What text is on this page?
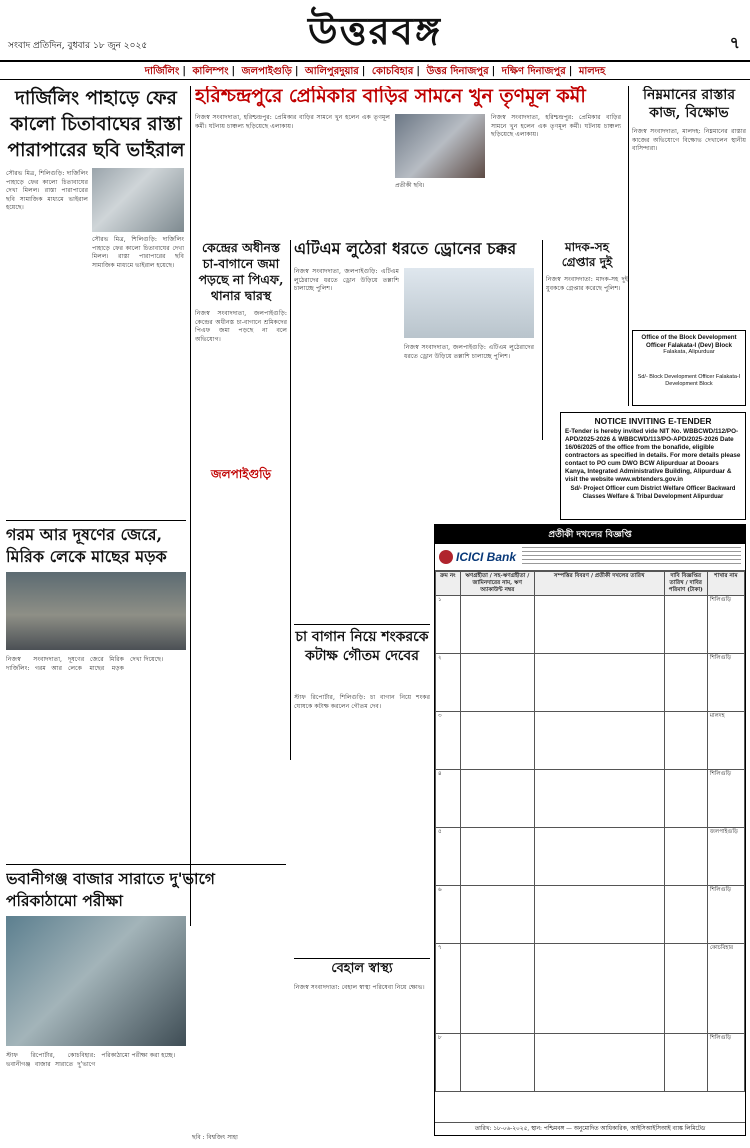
সংবাদ প্রতিদিন, বুধবার ১৮ জুন ২০২৫	উত্তরবঙ্গ	৭
দার্জিলিং | কালিম্পং | জলপাইগুড়ি | আলিপুরদুয়ার | কোচবিহার | উত্তর দিনাজপুর | দক্ষিণ দিনাজপুর | মালদহ
দার্জিলিং পাহাড়ে ফের কালো চিতাবাঘের রাস্তা পারাপারের ছবি ভাইরাল
সৌরভ মিত্র, শিলিগুড়ি: দার্জিলিং পাহাড়ে ফের কালো চিতাবাঘের দেখা মিলল। রাস্তা পারাপারের ছবি সামাজিক মাধ্যমে ভাইরাল হয়েছে।
সৌরভ মিত্র, শিলিগুড়ি: দার্জিলিং পাহাড়ে ফের কালো চিতাবাঘের দেখা মিলল। রাস্তা পারাপারের ছবি সামাজিক মাধ্যমে ভাইরাল হয়েছে।
হরিশ্চন্দ্রপুরে প্রেমিকার বাড়ির সামনে খুন তৃণমূল কর্মী
নিজস্ব সংবাদদাতা, হরিশ্চন্দ্রপুর: প্রেমিকার বাড়ির সামনে খুন হলেন এক তৃণমূল কর্মী। ঘটনায় চাঞ্চল্য ছড়িয়েছে এলাকায়।
প্রতীকী ছবি।
নিজস্ব সংবাদদাতা, হরিশ্চন্দ্রপুর: প্রেমিকার বাড়ির সামনে খুন হলেন এক তৃণমূল কর্মী। ঘটনায় চাঞ্চল্য ছড়িয়েছে এলাকায়।
নিম্নমানের রাস্তার কাজ, বিক্ষোভ
নিজস্ব সংবাদদাতা, মালদহ: নিম্নমানের রাস্তার কাজের অভিযোগে বিক্ষোভ দেখালেন স্থানীয় বাসিন্দারা।
Office of the Block Development Officer Falakata-I (Dev) Block
Falakata, Alipurduar
Sd/- Block Development Officer Falakata-I Development Block
কেন্দ্রের অধীনস্ত চা-বাগানে জমা পড়ছে না পিএফ, থানার দ্বারস্থ
নিজস্ব সংবাদদাতা, জলপাইগুড়ি: কেন্দ্রের অধীনস্ত চা-বাগানে শ্রমিকদের পিএফ জমা পড়ছে না বলে অভিযোগ।
জলপাইগুড়ি
এটিএম লুঠেরা ধরতে ড্রোনের চক্কর
নিজস্ব সংবাদদাতা, জলপাইগুড়ি: এটিএম লুঠেরাদের ধরতে ড্রোন উড়িয়ে তল্লাশি চালাচ্ছে পুলিশ।
নিজস্ব সংবাদদাতা, জলপাইগুড়ি: এটিএম লুঠেরাদের ধরতে ড্রোন উড়িয়ে তল্লাশি চালাচ্ছে পুলিশ।
মাদক-সহ গ্রেপ্তার দুই
নিজস্ব সংবাদদাতা: মাদক-সহ দুই যুবককে গ্রেপ্তার করেছে পুলিশ।
NOTICE INVITING E-TENDER
E-Tender is hereby invited vide NIT No. WBBCWD/112/PO-APD/2025-2026 & WBBCWD/113/PO-APD/2025-2026 Date 16/06/2025 of the office from the bonafide, eligible contractors as specified in details. For more details please contact to PO cum DWO BCW Alipurduar at Dooars Kanya, Integrated Administrative Building, Alipurduar & visit the website www.wbtenders.gov.in
Sd/- Project Officer cum District Welfare Officer Backward Classes Welfare & Tribal Development Alipurduar
গরম আর দূষণের জেরে, মিরিক লেকে মাছের মড়ক
নিজস্ব সংবাদদাতা, দার্জিলিং: গরম আর দূষণের জেরে মিরিক লেকে মাছের মড়ক দেখা দিয়েছে।
চা বাগান নিয়ে শংকরকে কটাক্ষ গৌতম দেবের
স্টাফ রিপোর্টার, শিলিগুড়ি: চা বাগান নিয়ে শংকর ঘোষকে কটাক্ষ করলেন গৌতম দেব।
প্রতীকী দখলের বিজ্ঞপ্তি
ICICI Bank
ক্রম নং	ঋণগ্রহীতা / সহ-ঋণগ্রহীতা / জামিনদারের নাম, ঋণ অ্যাকাউন্ট নম্বর	সম্পত্তির বিবরণ / প্রতীকী দখলের তারিখ	দাবি বিজ্ঞপ্তির তারিখ / দাবির পরিমাণ (টাকা)	শাখার নাম
১				শিলিগুড়ি
২				শিলিগুড়ি
৩				মালদহ
৪				শিলিগুড়ি
৫				জলপাইগুড়ি
৬				শিলিগুড়ি
৭				কোচবিহার
৮				শিলিগুড়ি
তারিখ: ১৮-০৬-২০২৫, স্থান: পশ্চিমবঙ্গ — অনুমোদিত আধিকারিক, আইসিআইসিআই ব্যাঙ্ক লিমিটেড
ভবানীগঞ্জ বাজার সারাতে দু'ভাগে পরিকাঠামো পরীক্ষা
স্টাফ রিপোর্টার, কোচবিহার: ভবানীগঞ্জ বাজার সারাতে দু'ভাগে পরিকাঠামো পরীক্ষা করা হচ্ছে।
ছবি : বিশ্বজিৎ সাহা
বেহাল স্বাস্থ্য
নিজস্ব সংবাদদাতা: বেহাল স্বাস্থ্য পরিষেবা নিয়ে ক্ষোভ।
